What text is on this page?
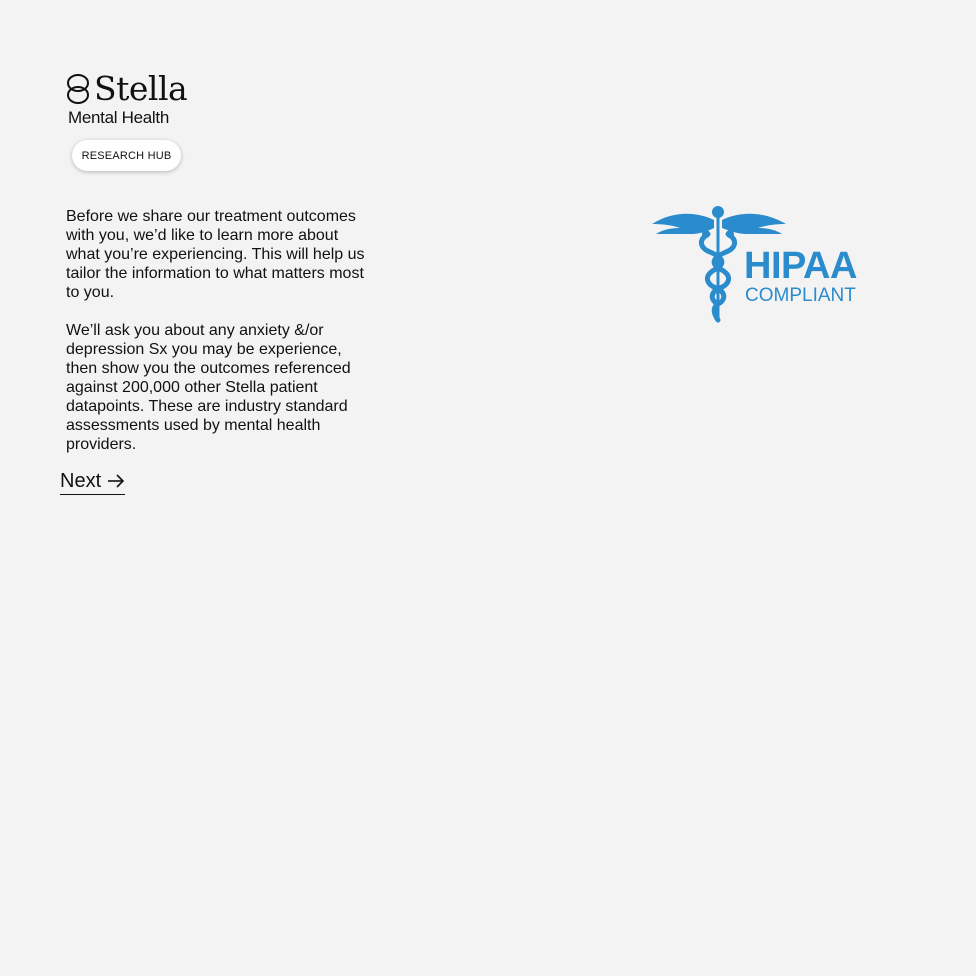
Stella
Mental Health
RESEARCH HUB

Before we share our treatment outcomes with you, we’d like to learn more about what you’re experiencing. This will help us tailor the information to what matters most to you.

We’ll ask you about any anxiety &/or depression Sx you may be experience, then show you the outcomes referenced against 200,000 other Stella patient datapoints. These are industry standard assessments used by mental health providers.

Next
HIPAA
COMPLIANT
